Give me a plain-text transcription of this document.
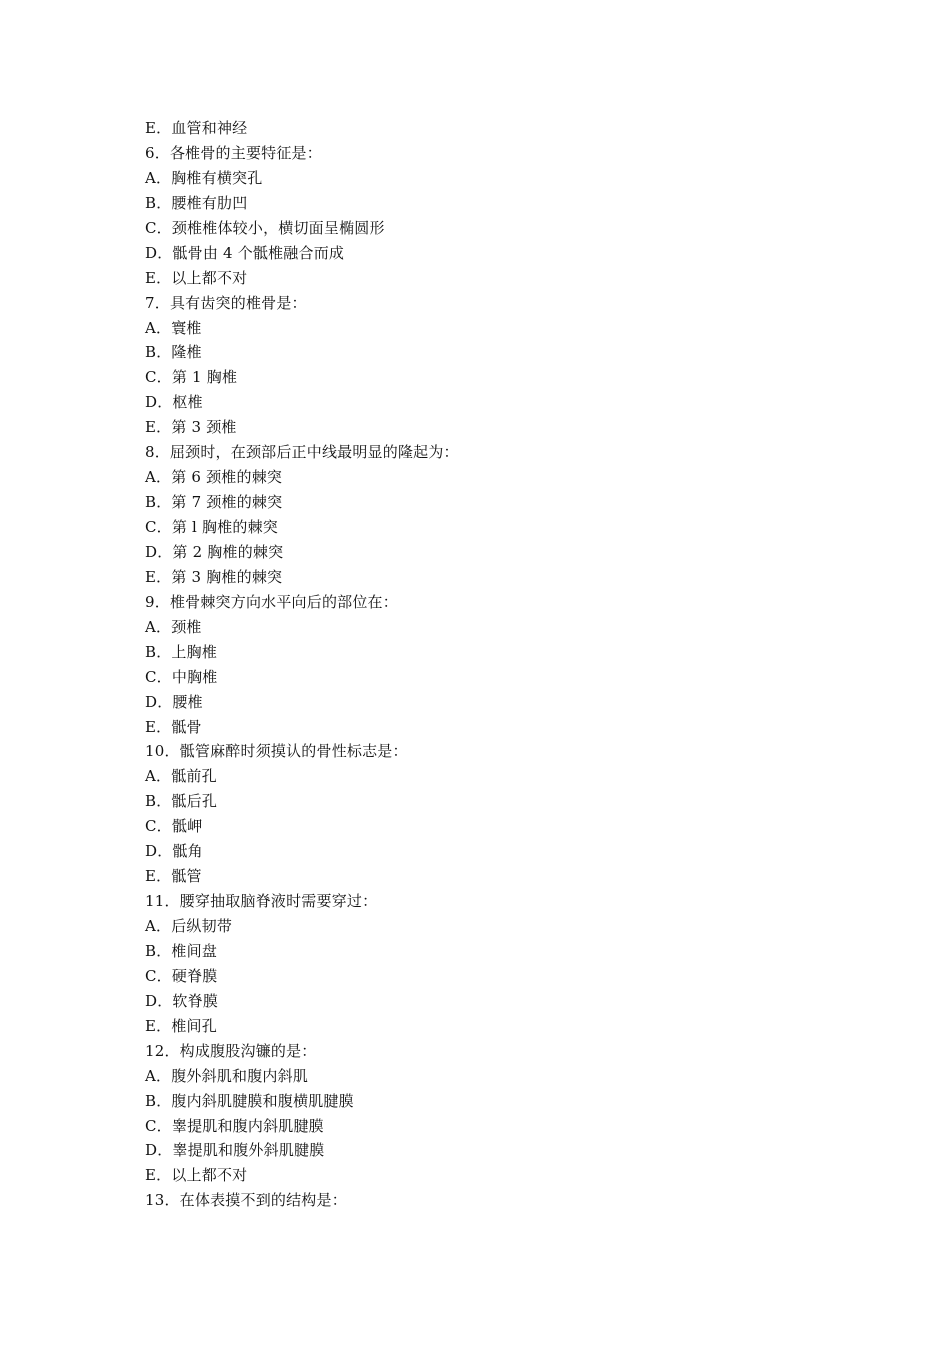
E．血管和神经
6．各椎骨的主要特征是：
A．胸椎有横突孔
B．腰椎有肋凹
C．颈椎椎体较小，横切面呈椭圆形
D．骶骨由 4 个骶椎融合而成
E．以上都不对
7．具有齿突的椎骨是：
A．寰椎
B．隆椎
C．第 1 胸椎
D．枢椎
E．第 3 颈椎
8．屈颈时，在颈部后正中线最明显的隆起为：
A．第 6 颈椎的棘突
B．第 7 颈椎的棘突
C．第 l 胸椎的棘突
D．第 2 胸椎的棘突
E．第 3 胸椎的棘突
9．椎骨棘突方向水平向后的部位在：
A．颈椎
B．上胸椎
C．中胸椎
D．腰椎
E．骶骨
10．骶管麻醉时须摸认的骨性标志是：
A．骶前孔
B．骶后孔
C．骶岬
D．骶角
E．骶管
11．腰穿抽取脑脊液时需要穿过：
A．后纵韧带
B．椎间盘
C．硬脊膜
D．软脊膜
E．椎间孔
12．构成腹股沟镰的是：
A．腹外斜肌和腹内斜肌
B．腹内斜肌腱膜和腹横肌腱膜
C．睾提肌和腹内斜肌腱膜
D．睾提肌和腹外斜肌腱膜
E．以上都不对
13．在体表摸不到的结构是：
